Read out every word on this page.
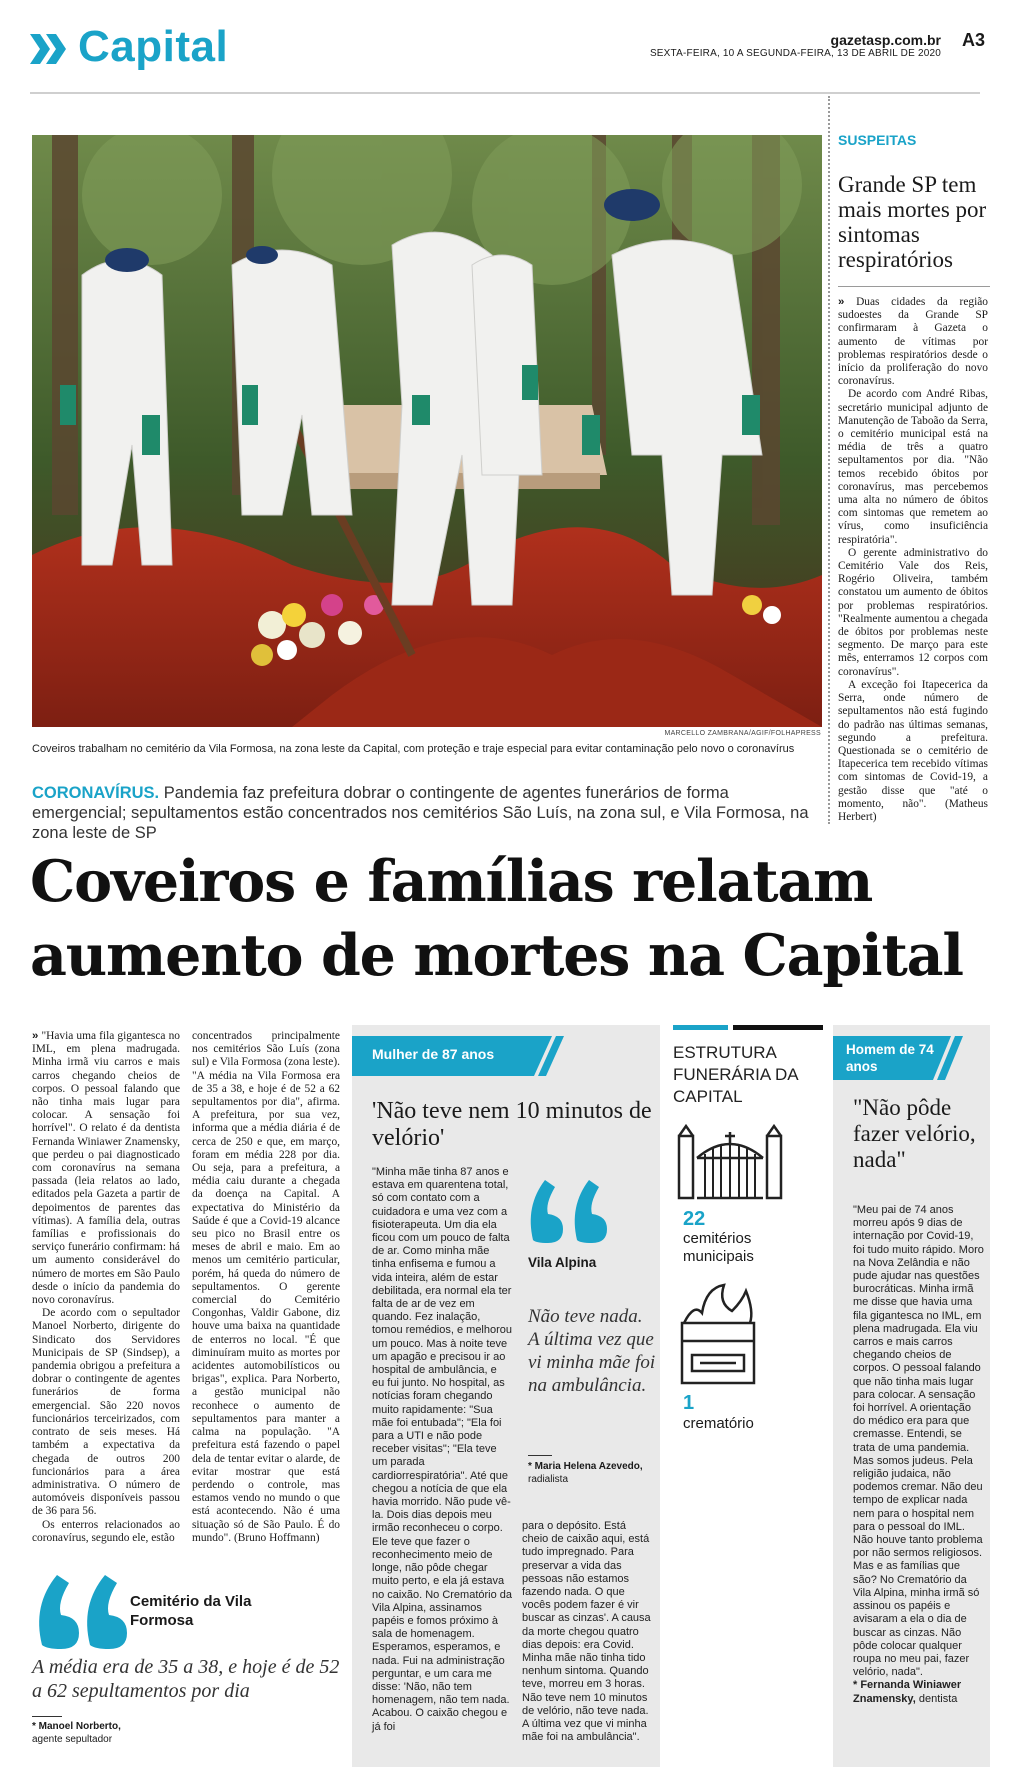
Capital	gazetasp.com.br
SEXTA-FEIRA, 10 A SEGUNDA-FEIRA, 13 DE ABRIL DE 2020
A3
MARCELLO ZAMBRANA/AGIF/FOLHAPRESS
Coveiros trabalham no cemitério da Vila Formosa, na zona leste da Capital, com proteção e traje especial para evitar contaminação pelo novo o coronavírus
CORONAVÍRUS. Pandemia faz prefeitura dobrar o contingente de agentes funerários de forma emergencial; sepultamentos estão concentrados nos cemitérios São Luís, na zona sul, e Vila Formosa, na zona leste de SP
Coveiros e famílias relatam aumento de mortes na Capital
SUSPEITAS
Grande SP tem mais mortes por sintomas respiratórios

» Duas cidades da região sudoestes da Grande SP confirmaram à Gazeta o aumento de vítimas por problemas respiratórios desde o início da proliferação do novo coronavírus.

De acordo com André Ribas, secretário municipal adjunto de Manutenção de Taboão da Serra, o cemitério municipal está na média de três a quatro sepultamentos por dia. "Não temos recebido óbitos por coronavírus, mas percebemos uma alta no número de óbitos com sintomas que remetem ao vírus, como insuficiência respiratória".

O gerente administrativo do Cemitério Vale dos Reis, Rogério Oliveira, também constatou um aumento de óbitos por problemas respiratórios. "Realmente aumentou a chegada de óbitos por problemas neste segmento. De março para este mês, enterramos 12 corpos com coronavírus".

A exceção foi Itapecerica da Serra, onde número de sepultamentos não está fugindo do padrão nas últimas semanas, segundo a prefeitura. Questionada se o cemitério de Itapecerica tem recebido vítimas com sintomas de Covid-19, a gestão disse que "até o momento, não". (Matheus Herbert)

» "Havia uma fila gigantesca no IML, em plena madrugada. Minha irmã viu carros e mais carros chegando cheios de corpos. O pessoal falando que não tinha mais lugar para colocar. A sensação foi horrível". O relato é da dentista Fernanda Winiawer Znamensky, que perdeu o pai diagnosticado com coronavírus na semana passada (leia relatos ao lado, editados pela Gazeta a partir de depoimentos de parentes das vítimas). A família dela, outras famílias e profissionais do serviço funerário confirmam: há um aumento considerável do número de mortes em São Paulo desde o início da pandemia do novo coronavírus.

De acordo com o sepultador Manoel Norberto, dirigente do Sindicato dos Servidores Municipais de SP (Sindsep), a pandemia obrigou a prefeitura a dobrar o contingente de agentes funerários de forma emergencial. São 220 novos funcionários terceirizados, com contrato de seis meses. Há também a expectativa da chegada de outros 200 funcionários para a área administrativa. O número de automóveis disponíveis passou de 36 para 56.

Os enterros relacionados ao coronavírus, segundo ele, estão

concentrados principalmente nos cemitérios São Luís (zona sul) e Vila Formosa (zona leste). "A média na Vila Formosa era de 35 a 38, e hoje é de 52 a 62 sepultamentos por dia", afirma. A prefeitura, por sua vez, informa que a média diária é de cerca de 250 e que, em março, foram em média 228 por dia. Ou seja, para a prefeitura, a média caiu durante a chegada da doença na Capital. A expectativa do Ministério da Saúde é que a Covid-19 alcance seu pico no Brasil entre os meses de abril e maio. Em ao menos um cemitério particular, porém, há queda do número de sepultamentos. O gerente comercial do Cemitério Congonhas, Valdir Gabone, diz houve uma baixa na quantidade de enterros no local. "É que diminuíram muito as mortes por acidentes automobilísticos ou brigas", explica. Para Norberto, a gestão municipal não reconhece o aumento de sepultamentos para manter a calma na população. "A prefeitura está fazendo o papel dela de tentar evitar o alarde, de evitar mostrar que está perdendo o controle, mas estamos vendo no mundo o que está acontecendo. Não é uma situação só de São Paulo. É do mundo". (Bruno Hoffmann)

Cemitério da Vila Formosa
A média era de 35 a 38, e hoje é de 52 a 62 sepultamentos por dia
* Manoel Norberto,
agente sepultador
Mulher de 87 anos
'Não teve nem 10 minutos de velório'
"Minha mãe tinha 87 anos e estava em quarentena total, só com contato com a cuidadora e uma vez com a fisioterapeuta. Um dia ela ficou com um pouco de falta de ar. Como minha mãe tinha enfisema e fumou a vida inteira, além de estar debilitada, era normal ela ter falta de ar de vez em quando. Fez inalação, tomou remédios, e melhorou um pouco. Mas à noite teve um apagão e precisou ir ao hospital de ambulância, e eu fui junto. No hospital, as notícias foram chegando muito rapidamente: "Sua mãe foi entubada"; "Ela foi para a UTI e não pode receber visitas"; "Ela teve um parada cardiorrespiratória". Até que chegou a notícia de que ela havia morrido. Não pude vê-la. Dois dias depois meu irmão reconheceu o corpo. Ele teve que fazer o reconhecimento meio de longe, não pôde chegar muito perto, e ela já estava no caixão. No Crematório da Vila Alpina, assinamos papéis e fomos próximo à sala de homenagem. Esperamos, esperamos, e nada. Fui na administração perguntar, e um cara me disse: 'Não, não tem homenagem, não tem nada. Acabou. O caixão chegou e já foi
para o depósito. Está cheio de caixão aqui, está tudo impregnado. Para preservar a vida das pessoas não estamos fazendo nada. O que vocês podem fazer é vir buscar as cinzas'. A causa da morte chegou quatro dias depois: era Covid. Minha mãe não tinha tido nenhum sintoma. Quando teve, morreu em 3 horas. Não teve nem 10 minutos de velório, não teve nada. A última vez que vi minha mãe foi na ambulância".
Vila Alpina
Não teve nada. A última vez que vi minha mãe foi na ambulância.
* Maria Helena Azevedo,
radialista
ESTRUTURA FUNERÁRIA DA CAPITAL
22
cemitérios municipais
1
crematório
Homem de 74 anos
"Não pôde fazer velório, nada"
"Meu pai de 74 anos morreu após 9 dias de internação por Covid-19, foi tudo muito rápido. Moro na Nova Zelândia e não pude ajudar nas questões burocráticas. Minha irmã me disse que havia uma fila gigantesca no IML, em plena madrugada. Ela viu carros e mais carros chegando cheios de corpos. O pessoal falando que não tinha mais lugar para colocar. A sensação foi horrível. A orientação do médico era para que cremasse. Entendi, se trata de uma pandemia. Mas somos judeus. Pela religião judaica, não podemos cremar. Não deu tempo de explicar nada nem para o hospital nem para o pessoal do IML. Não houve tanto problema por não sermos religiosos. Mas e as famílias que são? No Crematório da Vila Alpina, minha irmã só assinou os papéis e avisaram a ela o dia de buscar as cinzas. Não pôde colocar qualquer roupa no meu pai, fazer velório, nada".
* Fernanda Winiawer Znamensky, dentista
